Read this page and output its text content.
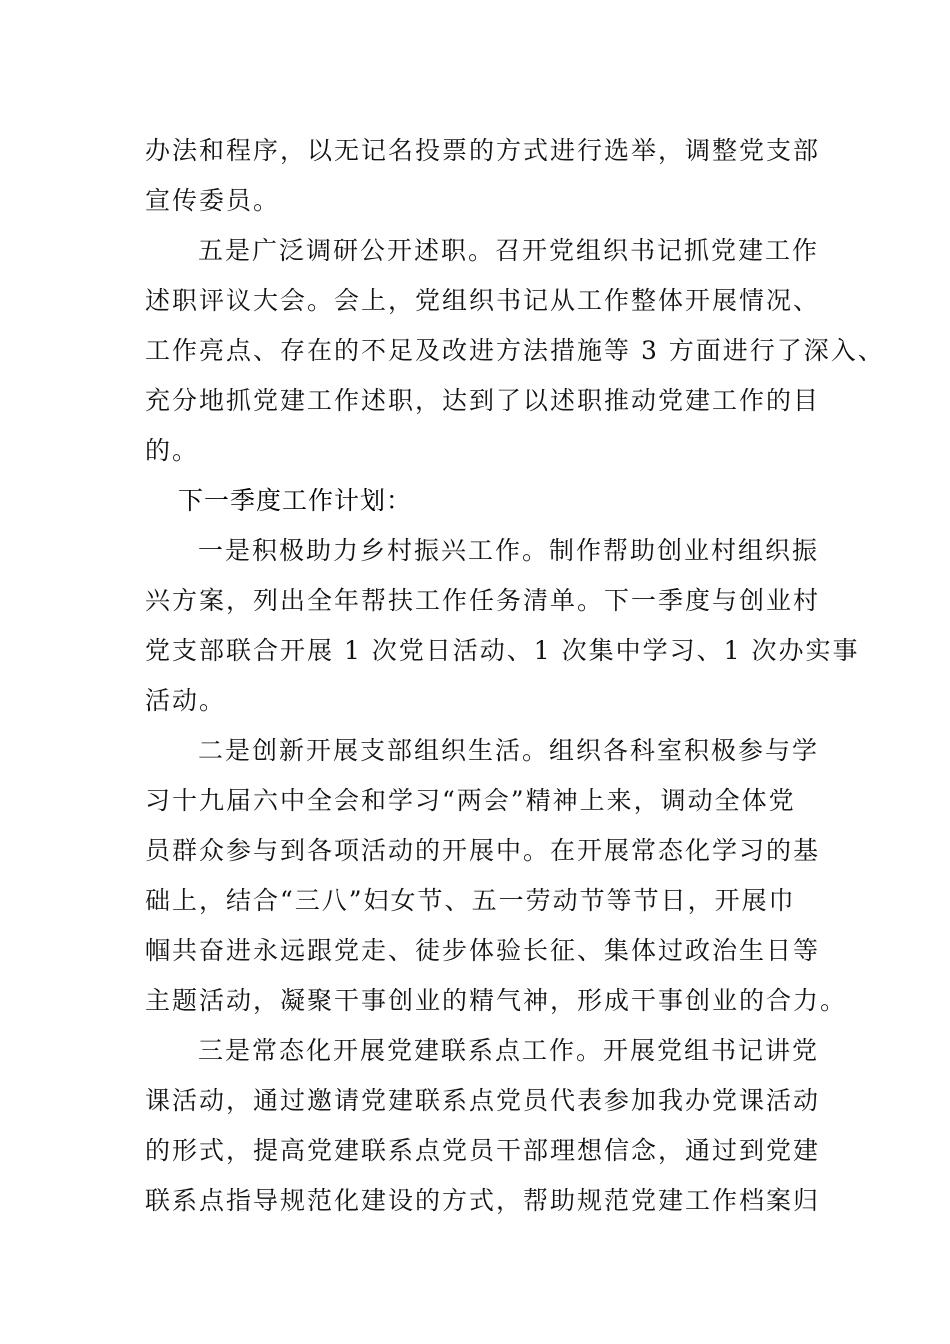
办法和程序，以无记名投票的方式进行选举，调整党支部
宣传委员。
五是广泛调研公开述职。召开党组织书记抓党建工作
述职评议大会。会上，党组织书记从工作整体开展情况、
工作亮点、存在的不足及改进方法措施等 3 方面进行了深入、
充分地抓党建工作述职，达到了以述职推动党建工作的目
的。
下一季度工作计划：
一是积极助力乡村振兴工作。制作帮助创业村组织振
兴方案，列出全年帮扶工作任务清单。下一季度与创业村
党支部联合开展 1 次党日活动、1 次集中学习、1 次办实事
活动。
二是创新开展支部组织生活。组织各科室积极参与学
习十九届六中全会和学习“两会”精神上来，调动全体党
员群众参与到各项活动的开展中。在开展常态化学习的基
础上，结合“三八”妇女节、五一劳动节等节日，开展巾
帼共奋进永远跟党走、徒步体验长征、集体过政治生日等
主题活动，凝聚干事创业的精气神，形成干事创业的合力。
三是常态化开展党建联系点工作。开展党组书记讲党
课活动，通过邀请党建联系点党员代表参加我办党课活动
的形式，提高党建联系点党员干部理想信念，通过到党建
联系点指导规范化建设的方式，帮助规范党建工作档案归
